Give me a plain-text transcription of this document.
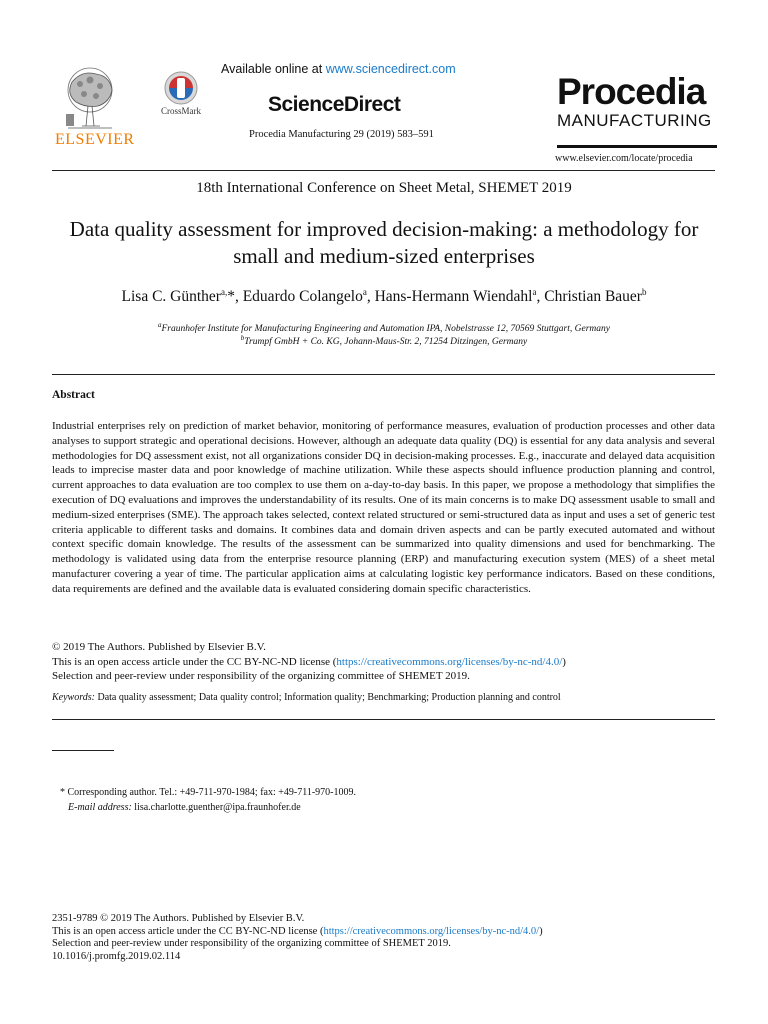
ELSEVIER
CrossMark
Available online at www.sciencedirect.com
ScienceDirect
Procedia Manufacturing 29 (2019) 583–591
Procedia
MANUFACTURING
www.elsevier.com/locate/procedia
18th International Conference on Sheet Metal, SHEMET 2019
Data quality assessment for improved decision-making: a methodology for small and medium-sized enterprises
Lisa C. Günther$^{a,}$*, Eduardo Colangelo$^a$, Hans-Hermann Wiendahl$^a$, Christian Bauer$^b$
$^a$Fraunhofer Institute for Manufacturing Engineering and Automation IPA, Nobelstrasse 12, 70569 Stuttgart, Germany
$^b$Trumpf GmbH + Co. KG, Johann-Maus-Str. 2, 71254 Ditzingen, Germany
Abstract
Industrial enterprises rely on prediction of market behavior, monitoring of performance measures, evaluation of production processes and other data analyses to support strategic and operational decisions. However, although an adequate data quality (DQ) is essential for any data analysis and several methodologies for DQ assessment exist, not all organizations consider DQ in decision-making processes. E.g., inaccurate and delayed data acquisition leads to imprecise master data and poor knowledge of machine utilization. While these aspects should influence production planning and control, current approaches to data evaluation are too complex to use them on a-day-to-day basis. In this paper, we propose a methodology that simplifies the execution of DQ evaluations and improves the understandability of its results. One of its main concerns is to make DQ assessment usable to small and medium-sized enterprises (SME). The approach takes selected, context related structured or semi-structured data as input and uses a set of generic test criteria applicable to different tasks and domains. It combines data and domain driven aspects and can be partly executed automated and without context specific domain knowledge. The results of the assessment can be summarized into quality dimensions and used for benchmarking. The methodology is validated using data from the enterprise resource planning (ERP) and manufacturing execution system (MES) of a sheet metal manufacturer covering a year of time. The particular application aims at calculating logistic key performance indicators. Based on these conditions, data requirements are defined and the available data is evaluated considering domain specific characteristics.
© 2019 The Authors. Published by Elsevier B.V.
This is an open access article under the CC BY-NC-ND license (https://creativecommons.org/licenses/by-nc-nd/4.0/)
Selection and peer-review under responsibility of the organizing committee of SHEMET 2019.
Keywords: Data quality assessment; Data quality control; Information quality; Benchmarking; Production planning and control
* Corresponding author. Tel.: +49-711-970-1984; fax: +49-711-970-1009.
E-mail address: lisa.charlotte.guenther@ipa.fraunhofer.de
2351-9789 © 2019 The Authors. Published by Elsevier B.V.
This is an open access article under the CC BY-NC-ND license (https://creativecommons.org/licenses/by-nc-nd/4.0/)
Selection and peer-review under responsibility of the organizing committee of SHEMET 2019.
10.1016/j.promfg.2019.02.114
